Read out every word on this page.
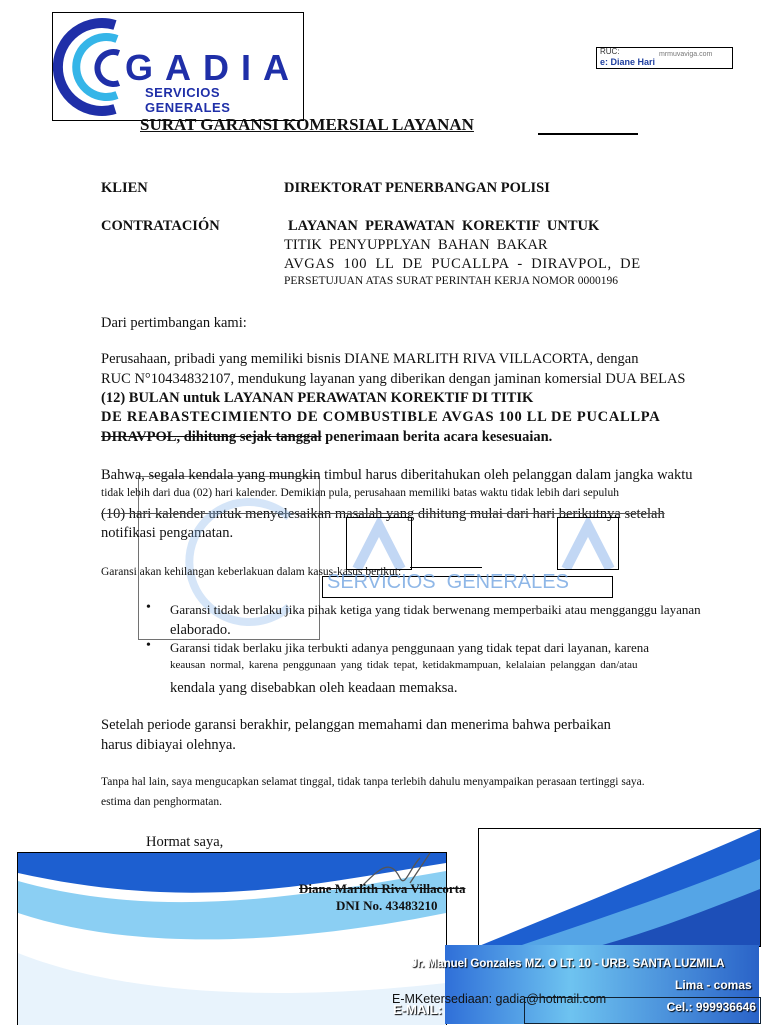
GADIA
SERVICIOS GENERALES
RUC:	mrmuvaviga.com
e: Diane Hari
SURAT GARANSI KOMERSIAL LAYANAN
KLIEN	DIREKTORAT PENERBANGAN POLISI
CONTRATACIÓN	LAYANAN  PERAWATAN  KOREKTIF  UNTUK
TITIK  PENYUPPLYAN  BAHAN  BAKAR
AVGAS  100  LL  DE  PUCALLPA  -  DIRAVPOL,  DE
PERSETUJUAN ATAS SURAT PERINTAH KERJA NOMOR 0000196
Dari pertimbangan kami:
Perusahaan, pribadi yang memiliki bisnis DIANE MARLITH RIVA VILLACORTA, dengan
RUC N°10434832107, mendukung layanan yang diberikan dengan jaminan komersial DUA BELAS
(12) BULAN untuk LAYANAN PERAWATAN KOREKTIF DI TITIK
DE REABASTECIMIENTO DE COMBUSTIBLE AVGAS 100 LL DE PUCALLPA
DIRAVPOL, dihitung sejak tanggal penerimaan berita acara kesesuaian.
Bahwa, segala kendala yang mungkin timbul harus diberitahukan oleh pelanggan dalam jangka waktu
tidak lebih dari dua (02) hari kalender. Demikian pula, perusahaan memiliki batas waktu tidak lebih dari sepuluh
(10) hari kalender untuk menyelesaikan masalah yang dihitung mulai dari hari berikutnya setelah
notifikasi pengamatan.
SERVICIOS  GENERALES
Garansi akan kehilangan keberlakuan dalam kasus-kasus berikut:
• Garansi tidak berlaku jika pihak ketiga yang tidak berwenang memperbaiki atau mengganggu layanan
elaborado.
• Garansi tidak berlaku jika terbukti adanya penggunaan yang tidak tepat dari layanan, karena
keausan normal, karena penggunaan yang tidak tepat, ketidakmampuan, kelalaian pelanggan dan/atau
kendala yang disebabkan oleh keadaan memaksa.
Setelah periode garansi berakhir, pelanggan memahami dan menerima bahwa perbaikan
harus dibiayai olehnya.
Tanpa hal lain, saya mengucapkan selamat tinggal, tidak tanpa terlebih dahulu menyampaikan perasaan tertinggi saya.
estima dan penghormatan.
Hormat saya,
Diane Marlith Riva Villacorta
DNI No. 43483210
Jr. Manuel Gonzales MZ. O LT. 10 - URB. SANTA LUZMILA
Lima - comas
Cel.: 999936646
E-MAIL:
E-MKetersediaan: gadia@hotmail.com
